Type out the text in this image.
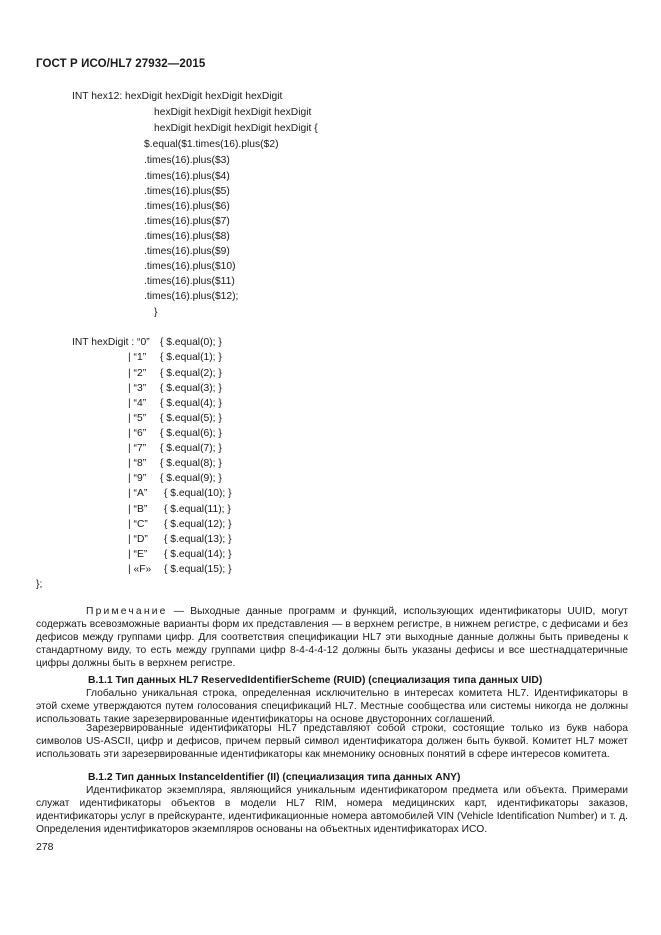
ГОСТ Р ИСО/HL7 27932—2015
INT hex12: hexDigit hexDigit hexDigit hexDigit
hexDigit hexDigit hexDigit hexDigit
hexDigit hexDigit hexDigit hexDigit {
$.equal($1.times(16).plus($2)
.times(16).plus($3)
.times(16).plus($4)
.times(16).plus($5)
.times(16).plus($6)
.times(16).plus($7)
.times(16).plus($8)
.times(16).plus($9)
.times(16).plus($10)
.times(16).plus($11)
.times(16).plus($12);
}
INT hexDigit : “0” { $.equal(0); }
| “1” { $.equal(1); }
| “2” { $.equal(2); }
| “3” { $.equal(3); }
| “4” { $.equal(4); }
| “5” { $.equal(5); }
| “6” { $.equal(6); }
| “7” { $.equal(7); }
| “8” { $.equal(8); }
| “9” { $.equal(9); }
| “A” { $.equal(10); }
| “B” { $.equal(11); }
| “C” { $.equal(12); }
| “D” { $.equal(13); }
| “E” { $.equal(14); }
| «F» { $.equal(15); }
};
Примечание — Выходные данные программ и функций, использующих идентификаторы UUID, могут содержать всевозможные варианты форм их представления — в верхнем регистре, в нижнем регистре, с дефисами и без дефисов между группами цифр. Для соответствия спецификации HL7 эти выходные данные должны быть приведены к стандартному виду, то есть между группами цифр 8-4-4-4-12 должны быть указаны дефисы и все шестнадцатеричные цифры должны быть в верхнем регистре.
В.1.1 Тип данных HL7 ReservedIdentifierScheme (RUID) (специализация типа данных UID)
Глобально уникальная строка, определенная исключительно в интересах комитета HL7. Идентификаторы в этой схеме утверждаются путем голосования спецификаций HL7. Местные сообщества или системы никогда не должны использовать такие зарезервированные идентификаторы на основе двусторонних соглашений.
Зарезервированные идентификаторы HL7 представляют собой строки, состоящие только из букв набора символов US-ASCII, цифр и дефисов, причем первый символ идентификатора должен быть буквой. Комитет HL7 может использовать эти зарезервированные идентификаторы как мнемонику основных понятий в сфере интересов комитета.
В.1.2 Тип данных InstanceIdentifier (II) (специализация типа данных ANY)
Идентификатор экземпляра, являющийся уникальным идентификатором предмета или объекта. Примерами служат идентификаторы объектов в модели HL7 RIM, номера медицинских карт, идентификаторы заказов, идентификаторы услуг в прейскуранте, идентификационные номера автомобилей VIN (Vehicle Identification Number) и т. д. Определения идентификаторов экземпляров основаны на объектных идентификаторах ИСО.
278
